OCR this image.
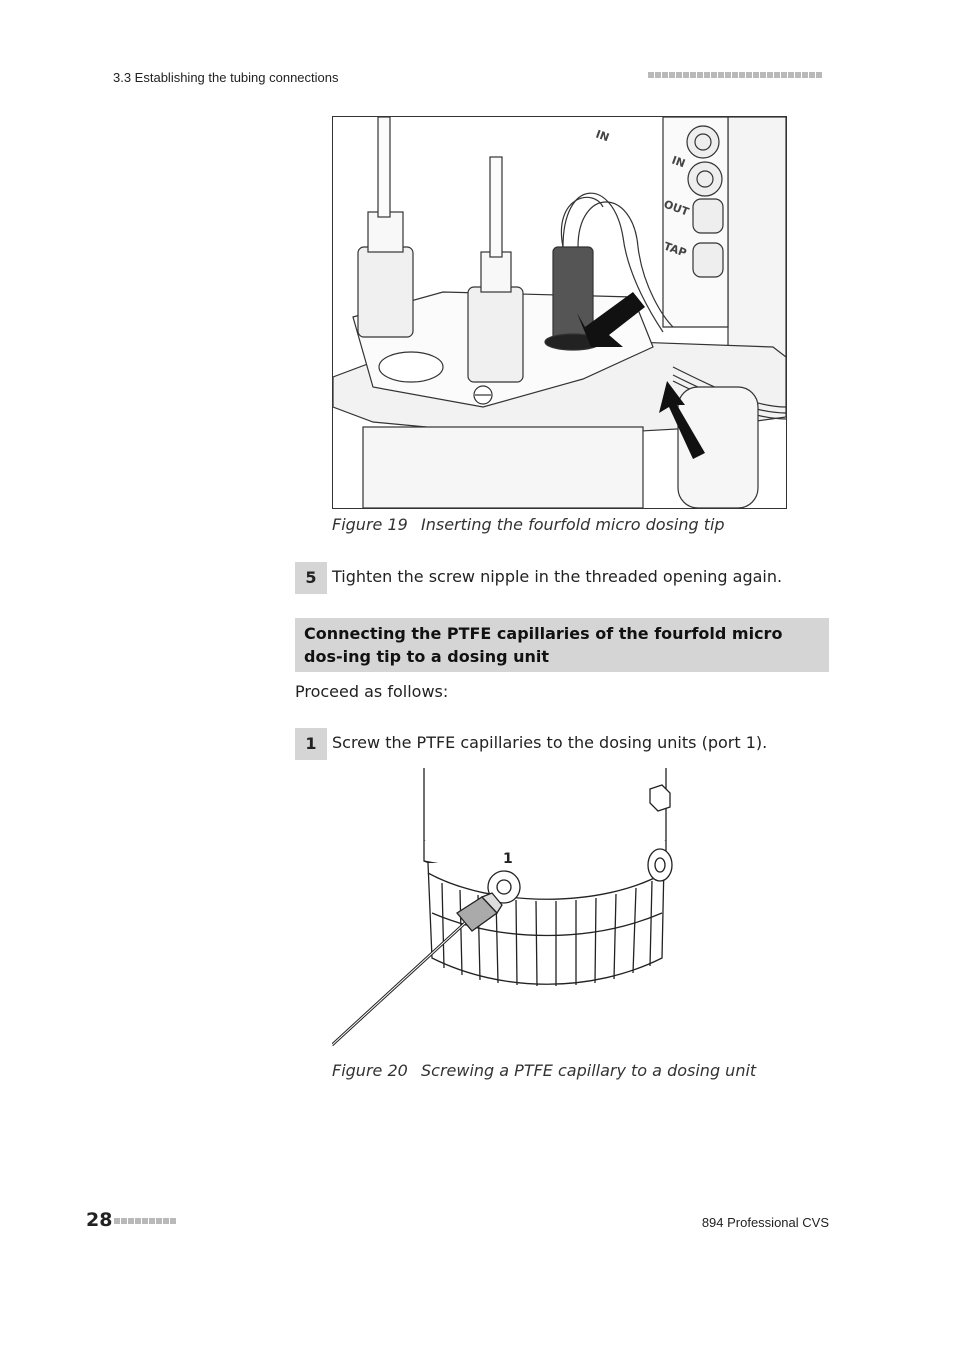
3.3 Establishing the tubing connections
IN
IN
OUT
TAP
Figure 19 Inserting the fourfold micro dosing tip
5 Tighten the screw nipple in the threaded opening again.
Connecting the PTFE capillaries of the fourfold micro dos-ing tip to a dosing unit
Proceed as follows:
1 Screw the PTFE capillaries to the dosing units (port 1).
1
Figure 20 Screwing a PTFE capillary to a dosing unit
28	894 Professional CVS
